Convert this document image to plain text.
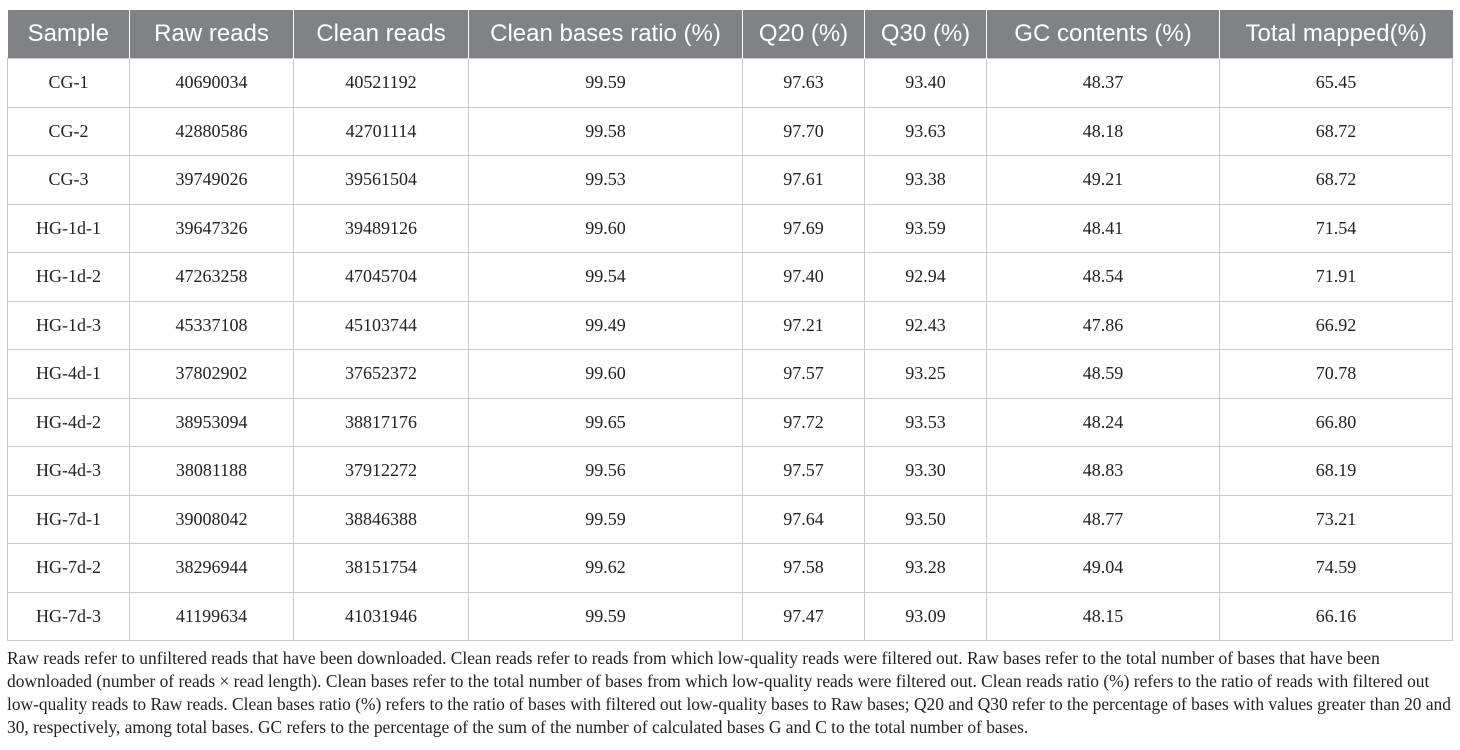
Sample	Raw reads	Clean reads	Clean bases ratio (%)	Q20 (%)	Q30 (%)	GC contents (%)	Total mapped(%)
CG-1	40690034	40521192	99.59	97.63	93.40	48.37	65.45
CG-2	42880586	42701114	99.58	97.70	93.63	48.18	68.72
CG-3	39749026	39561504	99.53	97.61	93.38	49.21	68.72
HG-1d-1	39647326	39489126	99.60	97.69	93.59	48.41	71.54
HG-1d-2	47263258	47045704	99.54	97.40	92.94	48.54	71.91
HG-1d-3	45337108	45103744	99.49	97.21	92.43	47.86	66.92
HG-4d-1	37802902	37652372	99.60	97.57	93.25	48.59	70.78
HG-4d-2	38953094	38817176	99.65	97.72	93.53	48.24	66.80
HG-4d-3	38081188	37912272	99.56	97.57	93.30	48.83	68.19
HG-7d-1	39008042	38846388	99.59	97.64	93.50	48.77	73.21
HG-7d-2	38296944	38151754	99.62	97.58	93.28	49.04	74.59
HG-7d-3	41199634	41031946	99.59	97.47	93.09	48.15	66.16

Raw reads refer to unfiltered reads that have been downloaded. Clean reads refer to reads from which low-quality reads were filtered out. Raw bases refer to the total number of bases that have been downloaded (number of reads × read length). Clean bases refer to the total number of bases from which low-quality reads were filtered out. Clean reads ratio (%) refers to the ratio of reads with filtered out low-quality reads to Raw reads. Clean bases ratio (%) refers to the ratio of bases with filtered out low-quality bases to Raw bases; Q20 and Q30 refer to the percentage of bases with values greater than 20 and 30, respectively, among total bases. GC refers to the percentage of the sum of the number of calculated bases G and C to the total number of bases.
